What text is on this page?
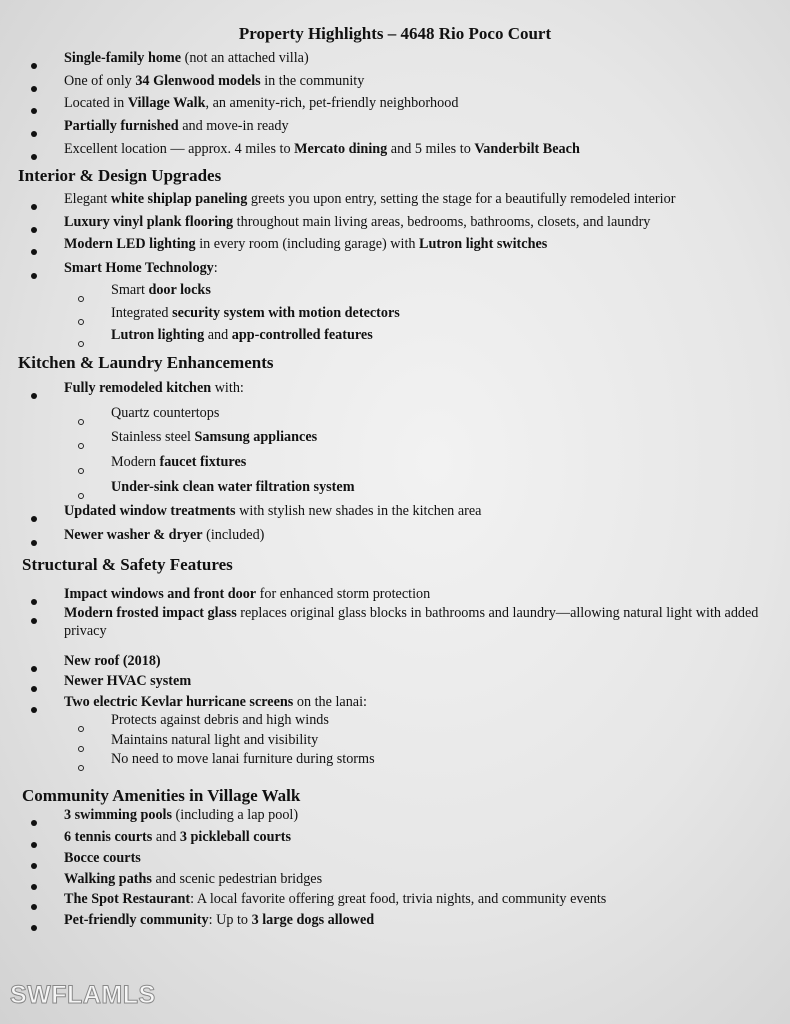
Property Highlights – 4648 Rio Poco Court
Single-family home (not an attached villa)
One of only 34 Glenwood models in the community
Located in Village Walk, an amenity-rich, pet-friendly neighborhood
Partially furnished and move-in ready
Excellent location — approx. 4 miles to Mercato dining and 5 miles to Vanderbilt Beach
Interior & Design Upgrades
Elegant white shiplap paneling greets you upon entry, setting the stage for a beautifully remodeled interior
Luxury vinyl plank flooring throughout main living areas, bedrooms, bathrooms, closets, and laundry
Modern LED lighting in every room (including garage) with Lutron light switches
Smart Home Technology:
Smart door locks
Integrated security system with motion detectors
Lutron lighting and app-controlled features
Kitchen & Laundry Enhancements
Fully remodeled kitchen with:
Quartz countertops
Stainless steel Samsung appliances
Modern faucet fixtures
Under-sink clean water filtration system
Updated window treatments with stylish new shades in the kitchen area
Newer washer & dryer (included)
Structural & Safety Features
Impact windows and front door for enhanced storm protection
Modern frosted impact glass replaces original glass blocks in bathrooms and laundry—allowing natural light with added privacy
New roof (2018)
Newer HVAC system
Two electric Kevlar hurricane screens on the lanai:
Protects against debris and high winds
Maintains natural light and visibility
No need to move lanai furniture during storms
Community Amenities in Village Walk
3 swimming pools (including a lap pool)
6 tennis courts and 3 pickleball courts
Bocce courts
Walking paths and scenic pedestrian bridges
The Spot Restaurant: A local favorite offering great food, trivia nights, and community events
Pet-friendly community: Up to 3 large dogs allowed
SWFLAMLS
